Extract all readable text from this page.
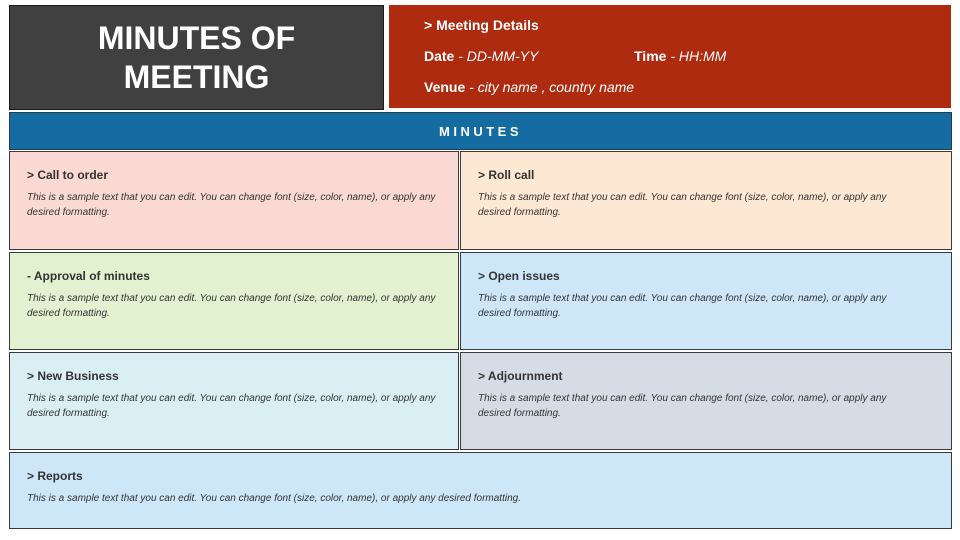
MINUTES OF
MEETING
> Meeting Details
Date - DD-MM-YY	Time - HH:MM
Venue - city name , country name
MINUTES
> Call to order
This is a sample text that you can edit. You can change font (size, color, name), or apply any desired formatting.
> Roll call
This is a sample text that you can edit. You can change font (size, color, name), or apply any desired formatting.
- Approval of minutes
This is a sample text that you can edit. You can change font (size, color, name), or apply any desired formatting.
> Open issues
This is a sample text that you can edit. You can change font (size, color, name), or apply any desired formatting.
> New Business
This is a sample text that you can edit. You can change font (size, color, name), or apply any desired formatting.
> Adjournment
This is a sample text that you can edit. You can change font (size, color, name), or apply any desired formatting.
> Reports
This is a sample text that you can edit. You can change font (size, color, name), or apply any desired formatting.
